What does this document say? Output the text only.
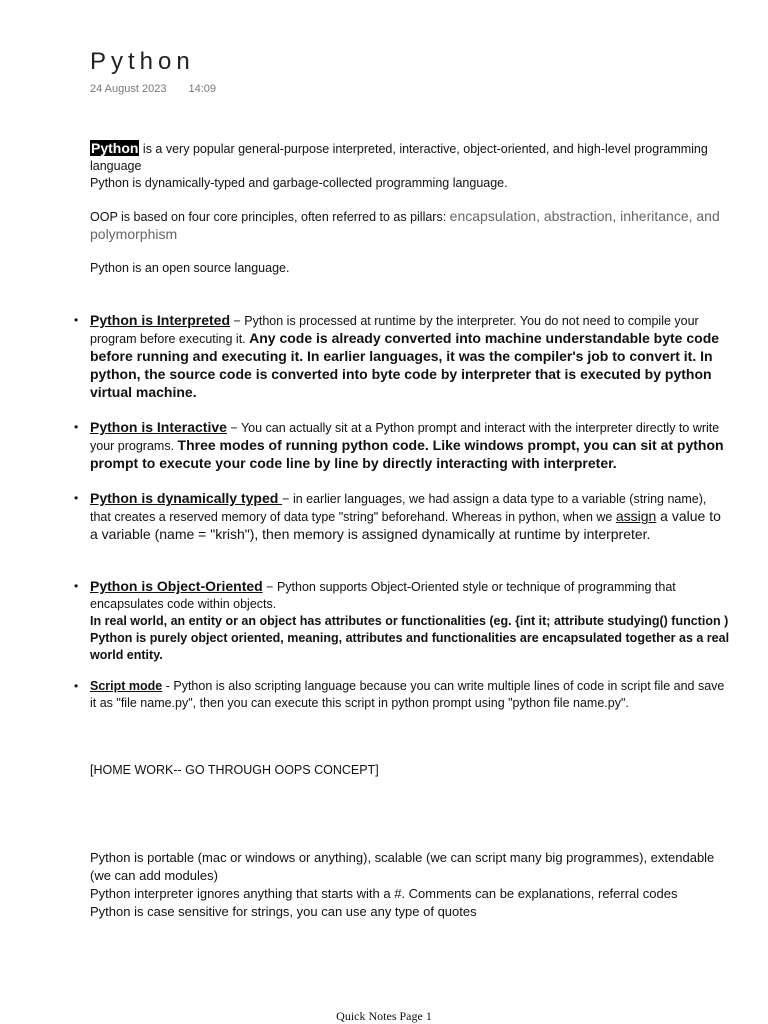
Python
24 August 2023 14:09

Python is a very popular general-purpose interpreted, interactive, object-oriented, and high-level programming language

Python is dynamically-typed and garbage-collected programming language.

OOP is based on four core principles, often referred to as pillars: encapsulation, abstraction, inheritance, and polymorphism

Python is an open source language.

• Python is Interpreted − Python is processed at runtime by the interpreter. You do not need to compile your program before executing it. Any code is already converted into machine understandable byte code before running and executing it. In earlier languages, it was the compiler's job to convert it. In python, the source code is converted into byte code by interpreter that is executed by python virtual machine.
• Python is Interactive − You can actually sit at a Python prompt and interact with the interpreter directly to write your programs. Three modes of running python code. Like windows prompt, you can sit at python prompt to execute your code line by line by directly interacting with interpreter.
• Python is dynamically typed − in earlier languages, we had assign a data type to a variable (string name), that creates a reserved memory of data type "string" beforehand. Whereas in python, when we assign a value to a variable (name = "krish"), then memory is assigned dynamically at runtime by interpreter.
• Python is Object-Oriented − Python supports Object-Oriented style or technique of programming that encapsulates code within objects.

In real world, an entity or an object has attributes or functionalities (eg. {int it; attribute studying() function )

Python is purely object oriented, meaning, attributes and functionalities are encapsulated together as a real world entity.

• Script mode - Python is also scripting language because you can write multiple lines of code in script file and save it as "file name.py", then you can execute this script in python prompt using "python file name.py".

[HOME WORK-- GO THROUGH OOPS CONCEPT]

Python is portable (mac or windows or anything), scalable (we can script many big programmes), extendable (we can add modules)

Python interpreter ignores anything that starts with a #. Comments can be explanations, referral codes

Python is case sensitive for strings, you can use any type of quotes

Quick Notes Page 1
